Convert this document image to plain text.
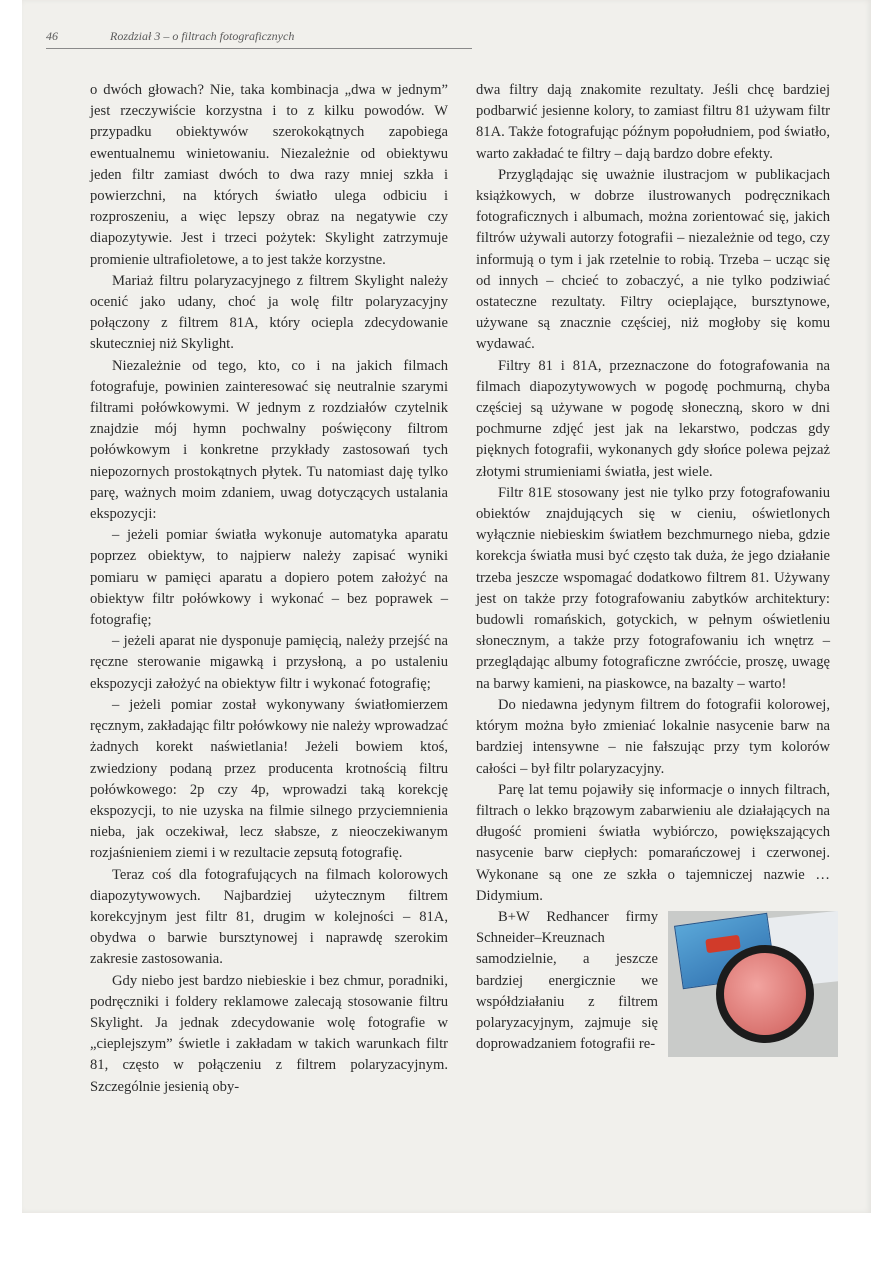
46	Rozdział 3 – o filtrach fotograficznych

o dwóch głowach? Nie, taka kombinacja „dwa w jednym” jest rzeczywiście korzystna i to z kilku powodów. W przypadku obiektywów szerokokątnych zapobiega ewentualnemu winietowaniu. Niezależnie od obiektywu jeden filtr zamiast dwóch to dwa razy mniej szkła i powierzchni, na których światło ulega odbiciu i rozproszeniu, a więc lepszy obraz na negatywie czy diapozytywie. Jest i trzeci pożytek: Skylight zatrzymuje promienie ultrafioletowe, a to jest także korzystne.

Mariaż filtru polaryzacyjnego z filtrem Skylight należy ocenić jako udany, choć ja wolę filtr polaryzacyjny połączony z filtrem 81A, który ociepla zdecydowanie skuteczniej niż Skylight.

Niezależnie od tego, kto, co i na jakich filmach fotografuje, powinien zainteresować się neutralnie szarymi filtrami połówkowymi. W jednym z rozdziałów czytelnik znajdzie mój hymn pochwalny poświęcony filtrom połówkowym i konkretne przykłady zastosowań tych niepozornych prostokątnych płytek. Tu natomiast daję tylko parę, ważnych moim zdaniem, uwag dotyczących ustalania ekspozycji:

– jeżeli pomiar światła wykonuje automatyka aparatu poprzez obiektyw, to najpierw należy zapisać wyniki pomiaru w pamięci aparatu a dopiero potem założyć na obiektyw filtr połówkowy i wykonać – bez poprawek – fotografię;

– jeżeli aparat nie dysponuje pamięcią, należy przejść na ręczne sterowanie migawką i przysłoną, a po ustaleniu ekspozycji założyć na obiektyw filtr i wykonać fotografię;

– jeżeli pomiar został wykonywany światłomierzem ręcznym, zakładając filtr połówkowy nie należy wprowadzać żadnych korekt naświetlania! Jeżeli bowiem ktoś, zwiedziony podaną przez producenta krotnością filtru połówkowego: 2p czy 4p, wprowadzi taką korekcję ekspozycji, to nie uzyska na filmie silnego przyciemnienia nieba, jak oczekiwał, lecz słabsze, z nieoczekiwanym rozjaśnieniem ziemi i w rezultacie zepsutą fotografię.

Teraz coś dla fotografujących na filmach kolorowych diapozytywowych. Najbardziej użytecznym filtrem korekcyjnym jest filtr 81, drugim w kolejności – 81A, obydwa o barwie bursztynowej i naprawdę szerokim zakresie zastosowania.

Gdy niebo jest bardzo niebieskie i bez chmur, poradniki, podręczniki i foldery reklamowe zalecają stosowanie filtru Skylight. Ja jednak zdecydowanie wolę fotografie w „cieplejszym” świetle i zakładam w takich warunkach filtr 81, często w połączeniu z filtrem polaryzacyjnym. Szczególnie jesienią oby-

dwa filtry dają znakomite rezultaty. Jeśli chcę bardziej podbarwić jesienne kolory, to zamiast filtru 81 używam filtr 81A. Także fotografując późnym popołudniem, pod światło, warto zakładać te filtry – dają bardzo dobre efekty.

Przyglądając się uważnie ilustracjom w publikacjach książkowych, w dobrze ilustrowanych podręcznikach fotograficznych i albumach, można zorientować się, jakich filtrów używali autorzy fotografii – niezależnie od tego, czy informują o tym i jak rzetelnie to robią. Trzeba – ucząc się od innych – chcieć to zobaczyć, a nie tylko podziwiać ostateczne rezultaty. Filtry ocieplające, bursztynowe, używane są znacznie częściej, niż mogłoby się komu wydawać.

Filtry 81 i 81A, przeznaczone do fotografowania na filmach diapozytywowych w pogodę pochmurną, chyba częściej są używane w pogodę słoneczną, skoro w dni pochmurne zdjęć jest jak na lekarstwo, podczas gdy pięknych fotografii, wykonanych gdy słońce polewa pejzaż złotymi strumieniami światła, jest wiele.

Filtr 81E stosowany jest nie tylko przy fotografowaniu obiektów znajdujących się w cieniu, oświetlonych wyłącznie niebieskim światłem bezchmurnego nieba, gdzie korekcja światła musi być często tak duża, że jego działanie trzeba jeszcze wspomagać dodatkowo filtrem 81. Używany jest on także przy fotografowaniu zabytków architektury: budowli romańskich, gotyckich, w pełnym oświetleniu słonecznym, a także przy fotografowaniu ich wnętrz – przeglądając albumy fotograficzne zwróćcie, proszę, uwagę na barwy kamieni, na piaskowce, na bazalty – warto!

Do niedawna jedynym filtrem do fotografii kolorowej, którym można było zmieniać lokalnie nasycenie barw na bardziej intensywne – nie fałszując przy tym kolorów całości – był filtr polaryzacyjny.

Parę lat temu pojawiły się informacje o innych filtrach, filtrach o lekko brązowym zabarwieniu ale działających na długość promieni światła wybiórczo, powiększających nasycenie barw ciepłych: pomarańczowej i czerwonej. Wykonane są one ze szkła o tajemniczej nazwie …Didymium.

B+W Redhancer firmy Schneider–Kreuznach samodzielnie, a jeszcze bardziej energicznie we współdziałaniu z filtrem polaryzacyjnym, zajmuje się doprowadzaniem fotografii re-
